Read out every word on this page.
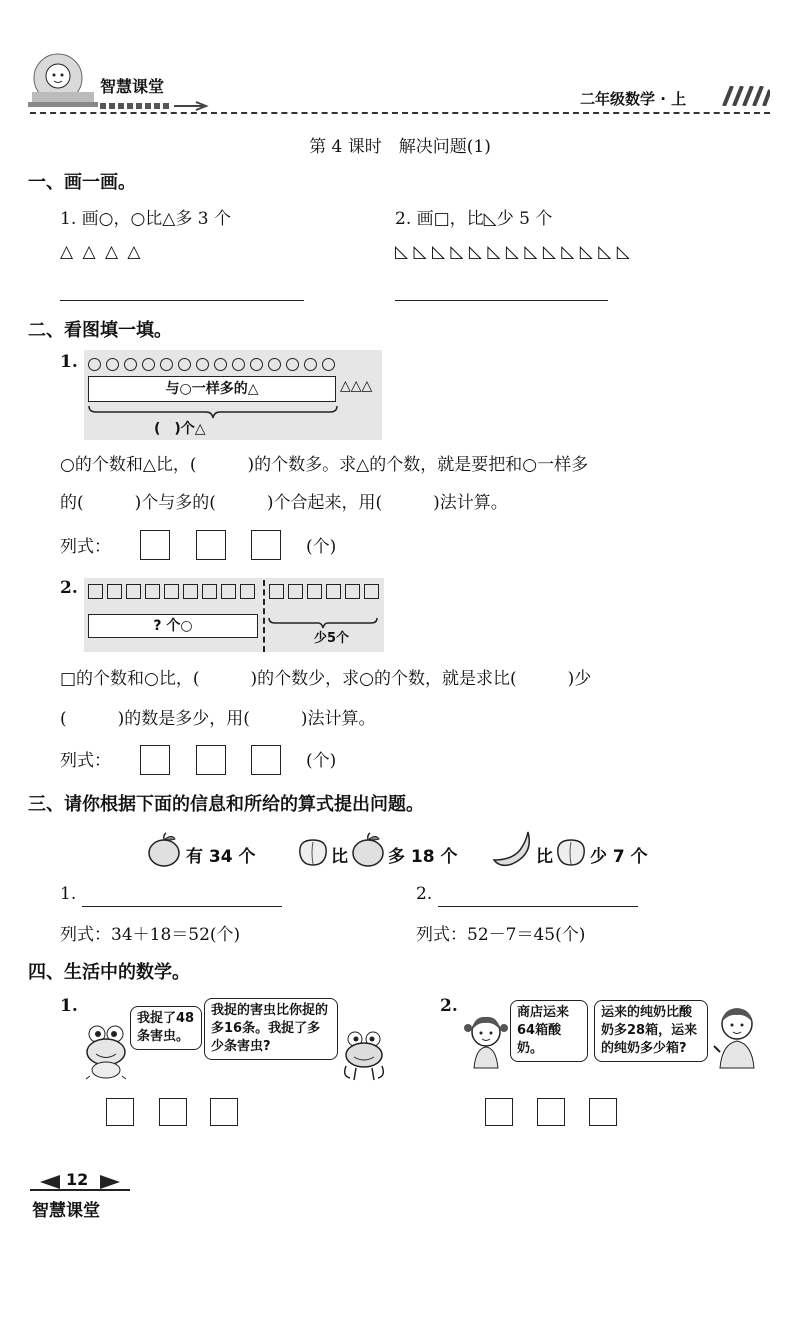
智慧课堂
二年级数学 · 上
第 4 课时　解决问题(1)
一、画一画。
1. 画○，○比△多 3 个
△ △ △ △
2. 画□，比◺少 5 个
◺ ◺ ◺ ◺ ◺ ◺ ◺ ◺ ◺ ◺ ◺ ◺ ◺
二、看图填一填。
1.
与○一样多的△	△△△
(　)个△
○的个数和△比，(　　　)的个数多。求△的个数，就是要把和○一样多
的(　　　)个与多的(　　　)个合起来，用(　　　)法计算。
列式：	(个)
2.
? 个○
少5个
□的个数和○比，(　　　)的个数少，求○的个数，就是求比(　　　)少
(　　　)的数是多少，用(　　　)法计算。
列式：	(个)
三、请你根据下面的信息和所给的算式提出问题。
有 34 个	比 多 18 个	比 少 7 个
1.
列式：34＋18＝52(个)
2.
列式：52－7＝45(个)
四、生活中的数学。
1.
我捉了48条害虫。
我捉的害虫比你捉的多16条。我捉了多少条害虫?
2.	商店运来64箱酸奶。
运来的纯奶比酸奶多28箱，运来的纯奶多少箱?
12
智慧课堂
